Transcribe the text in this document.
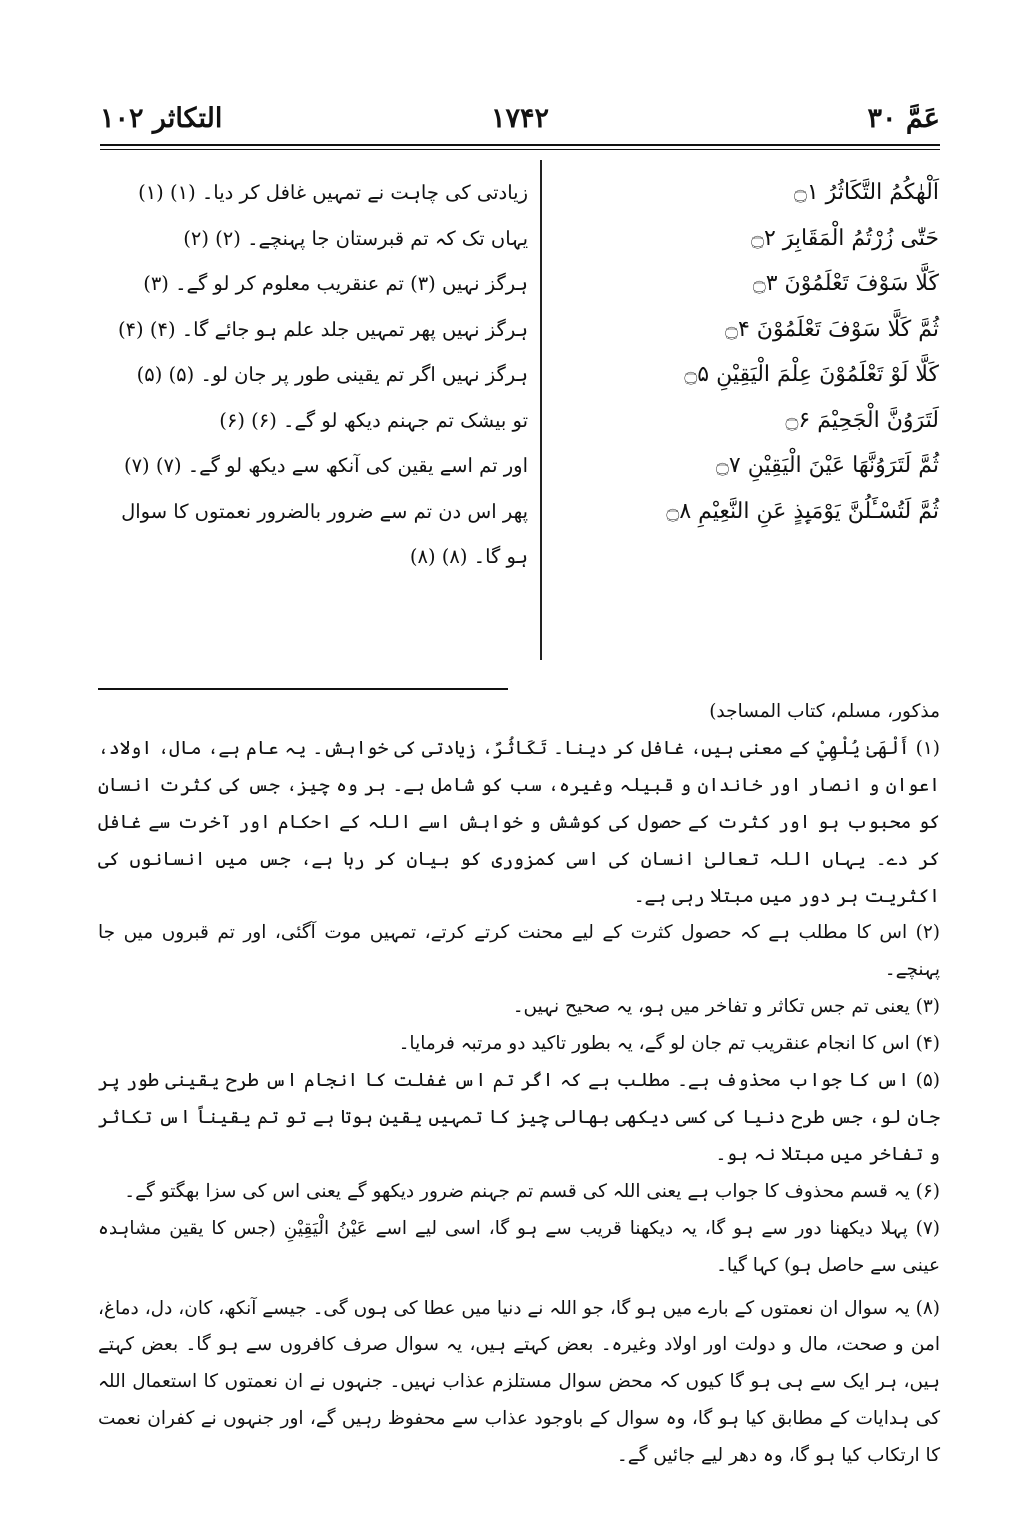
عَمَّ ۳۰
۱۷۴۲
التکاثر ۱۰۲
اَلْهٰكُمُ التَّكَاثُرُ ۝۱
حَتّٰى زُرْتُمُ الْمَقَابِرَ ۝۲
كَلَّا سَوْفَ تَعْلَمُوْنَ ۝۳
ثُمَّ كَلَّا سَوْفَ تَعْلَمُوْنَ ۝۴
كَلَّا لَوْ تَعْلَمُوْنَ عِلْمَ الْيَقِيْنِ ۝۵
لَتَرَوُنَّ الْجَحِيْمَ ۝۶
ثُمَّ لَتَرَوُنَّهَا عَيْنَ الْيَقِيْنِ ۝۷
ثُمَّ لَتُسْـَٔلُنَّ يَوْمَىِٕذٍ عَنِ النَّعِيْمِ ۝۸
زیادتی کی چاہت نے تمہیں غافل کر دیا۔ (۱) (۱)
یہاں تک کہ تم قبرستان جا پہنچے۔ (۲) (۲)
ہرگز نہیں (۳) تم عنقریب معلوم کر لو گے۔ (۳)
ہرگز نہیں پھر تمہیں جلد علم ہو جائے گا۔ (۴) (۴)
ہرگز نہیں اگر تم یقینی طور پر جان لو۔ (۵) (۵)
تو بیشک تم جہنم دیکھ لو گے۔ (۶) (۶)
اور تم اسے یقین کی آنکھ سے دیکھ لو گے۔ (۷) (۷)
پھر اس دن تم سے ضرور بالضرور نعمتوں کا سوال ہو گا۔ (۸) (۸)

مذکور، مسلم، کتاب المساجد)

(۱) أَلْهَىٰ يُلْهِيْ کے معنی ہیں، غافل کر دینا۔ تَكَاثُرٌ، زیادتی کی خواہش۔ یہ عام ہے، مال، اولاد، اعوان و انصار اور خاندان و قبیلہ وغیرہ، سب کو شامل ہے۔ ہر وہ چیز، جس کی کثرت انسان کو محبوب ہو اور کثرت کے حصول کی کوشش و خواہش اسے اللہ کے احکام اور آخرت سے غافل کر دے۔ یہاں اللہ تعالیٰ انسان کی اسی کمزوری کو بیان کر رہا ہے، جس میں انسانوں کی اکثریت ہر دور میں مبتلا رہی ہے۔

(۲) اس کا مطلب ہے کہ حصول کثرت کے لیے محنت کرتے کرتے، تمہیں موت آگئی، اور تم قبروں میں جا پہنچے۔

(۳) یعنی تم جس تکاثر و تفاخر میں ہو، یہ صحیح نہیں۔

(۴) اس کا انجام عنقریب تم جان لو گے، یہ بطور تاکید دو مرتبہ فرمایا۔

(۵) اس کا جواب محذوف ہے۔ مطلب ہے کہ اگر تم اس غفلت کا انجام اس طرح یقینی طور پر جان لو، جس طرح دنیا کی کسی دیکھی بھالی چیز کا تمہیں یقین ہوتا ہے تو تم یقیناً اس تکاثر و تفاخر میں مبتلا نہ ہو۔

(۶) یہ قسم محذوف کا جواب ہے یعنی اللہ کی قسم تم جہنم ضرور دیکھو گے یعنی اس کی سزا بھگتو گے۔

(۷) پہلا دیکھنا دور سے ہو گا، یہ دیکھنا قریب سے ہو گا، اسی لیے اسے عَيْنُ الْيَقِيْنِ (جس کا یقین مشاہدہ عینی سے حاصل ہو) کہا گیا۔

(۸) یہ سوال ان نعمتوں کے بارے میں ہو گا، جو اللہ نے دنیا میں عطا کی ہوں گی۔ جیسے آنکھ، کان، دل، دماغ، امن و صحت، مال و دولت اور اولاد وغیرہ۔ بعض کہتے ہیں، یہ سوال صرف کافروں سے ہو گا۔ بعض کہتے ہیں، ہر ایک سے ہی ہو گا کیوں کہ محض سوال مستلزم عذاب نہیں۔ جنہوں نے ان نعمتوں کا استعمال اللہ کی ہدایات کے مطابق کیا ہو گا، وہ سوال کے باوجود عذاب سے محفوظ رہیں گے، اور جنہوں نے کفران نعمت کا ارتکاب کیا ہو گا، وہ دھر لیے جائیں گے۔
